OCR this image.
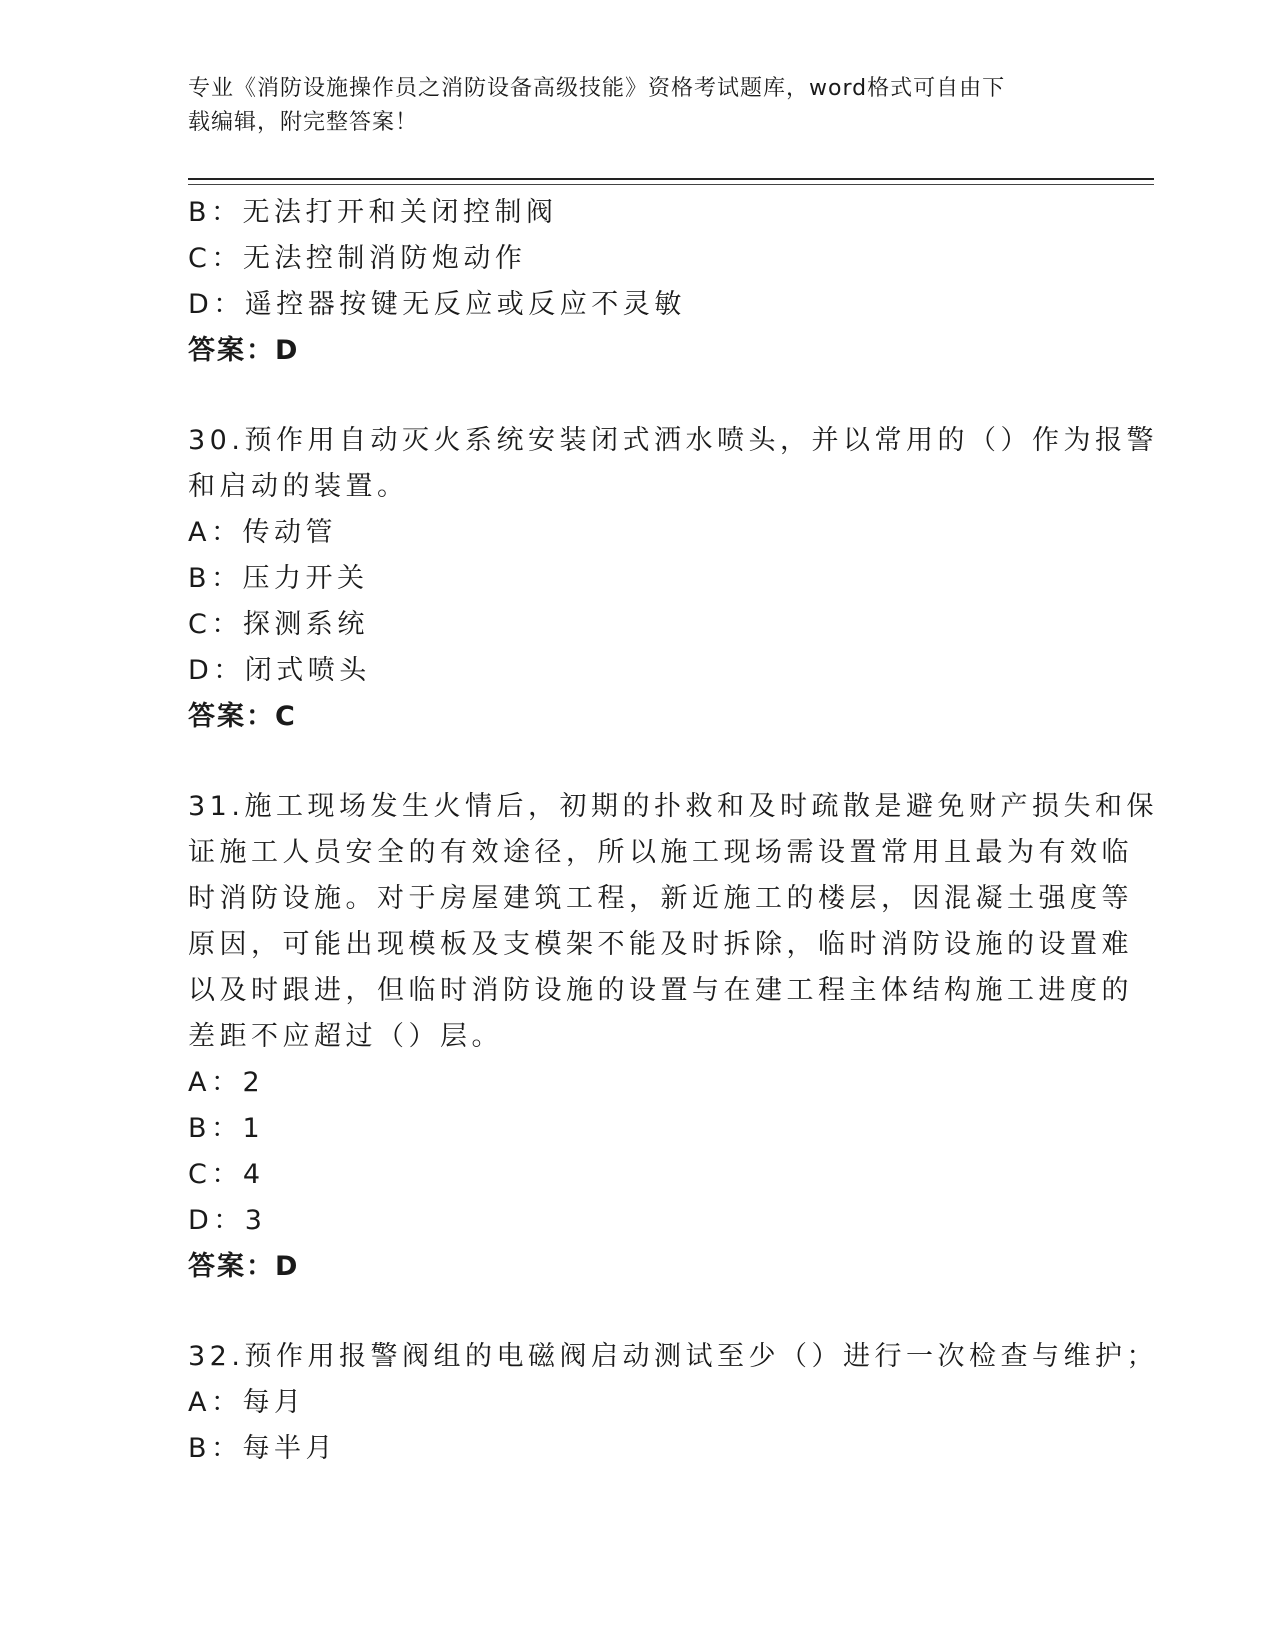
专业《消防设施操作员之消防设备高级技能》资格考试题库，word格式可自由下
载编辑，附完整答案！
B：无法打开和关闭控制阀
C：无法控制消防炮动作
D：遥控器按键无反应或反应不灵敏
答案：D
30.预作用自动灭火系统安装闭式洒水喷头，并以常用的（）作为报警
和启动的装置。
A：传动管
B：压力开关
C：探测系统
D：闭式喷头
答案：C
31.施工现场发生火情后，初期的扑救和及时疏散是避免财产损失和保
证施工人员安全的有效途径，所以施工现场需设置常用且最为有效临
时消防设施。对于房屋建筑工程，新近施工的楼层，因混凝土强度等
原因，可能出现模板及支模架不能及时拆除，临时消防设施的设置难
以及时跟进，但临时消防设施的设置与在建工程主体结构施工进度的
差距不应超过（）层。
A：2
B：1
C：4
D：3
答案：D
32.预作用报警阀组的电磁阀启动测试至少（）进行一次检查与维护；
A：每月
B：每半月
